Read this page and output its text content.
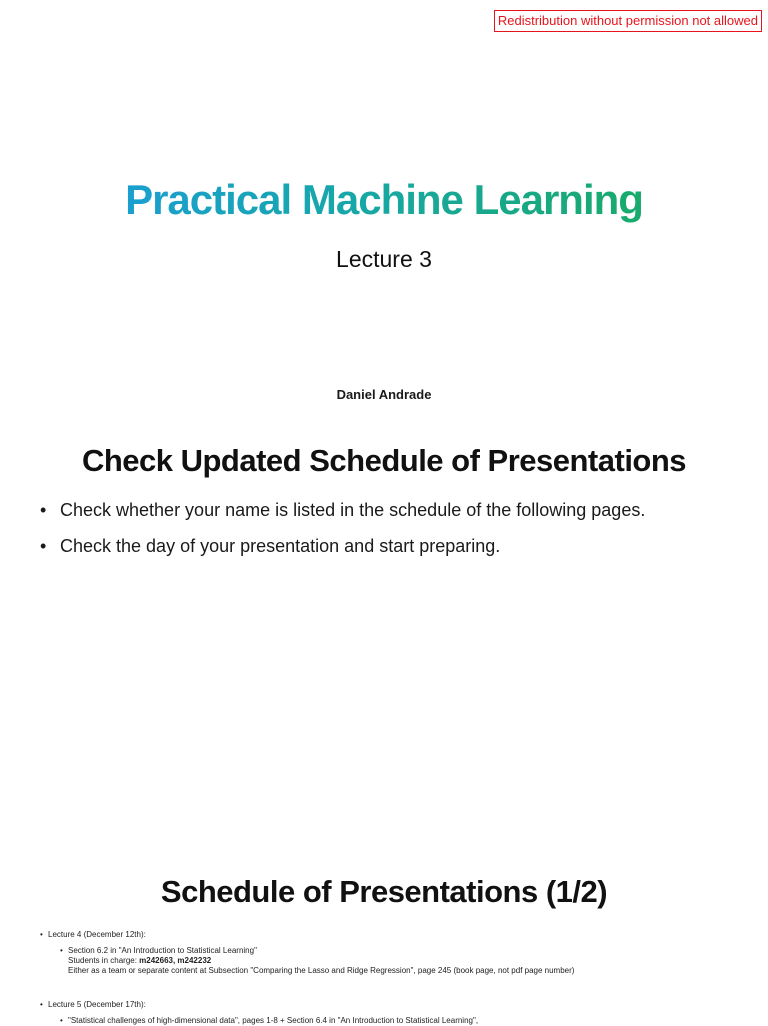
Redistribution without permission not allowed
Practical Machine Learning
Lecture 3
Daniel Andrade
Check Updated Schedule of Presentations
• Check whether your name is listed in the schedule of the following pages.
• Check the day of your presentation and start preparing.
Schedule of Presentations (1/2)
• Lecture 4 (December 12th):
• Section 6.2 in "An Introduction to Statistical Learning"
Students in charge: m242663, m242232
Either as a team or separate content at Subsection "Comparing the Lasso and Ridge Regression", page 245 (book page, not pdf page number)
• Lecture 5 (December 17th):
• "Statistical challenges of high-dimensional data", pages 1-8 + Section 6.4 in "An Introduction to Statistical Learning",
